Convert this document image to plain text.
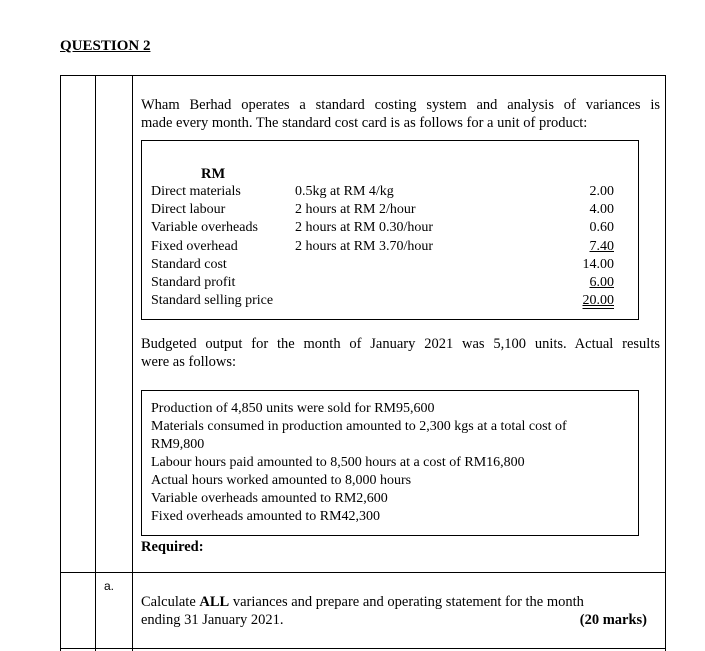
QUESTION 2
Wham Berhad operates a standard costing system and analysis of variances is
made every month. The standard cost card is as follows for a unit of product:
RM
Direct materials	0.5kg at RM 4/kg	2.00
Direct labour	2 hours at RM 2/hour	4.00
Variable overheads	2 hours at RM 0.30/hour	0.60
Fixed overhead	2 hours at RM 3.70/hour	7.40
Standard cost	14.00
Standard profit	6.00
Standard selling price	20.00
Budgeted output for the month of January 2021 was 5,100 units. Actual results
were as follows:
Production of 4,850 units were sold for RM95,600
Materials consumed in production amounted to 2,300 kgs at a total cost of
RM9,800
Labour hours paid amounted to 8,500 hours at a cost of RM16,800
Actual hours worked amounted to 8,000 hours
Variable overheads amounted to RM2,600
Fixed overheads amounted to RM42,300
Required:
a.
Calculate ALL variances and prepare and operating statement for the month
ending 31 January 2021.	(20 marks)
